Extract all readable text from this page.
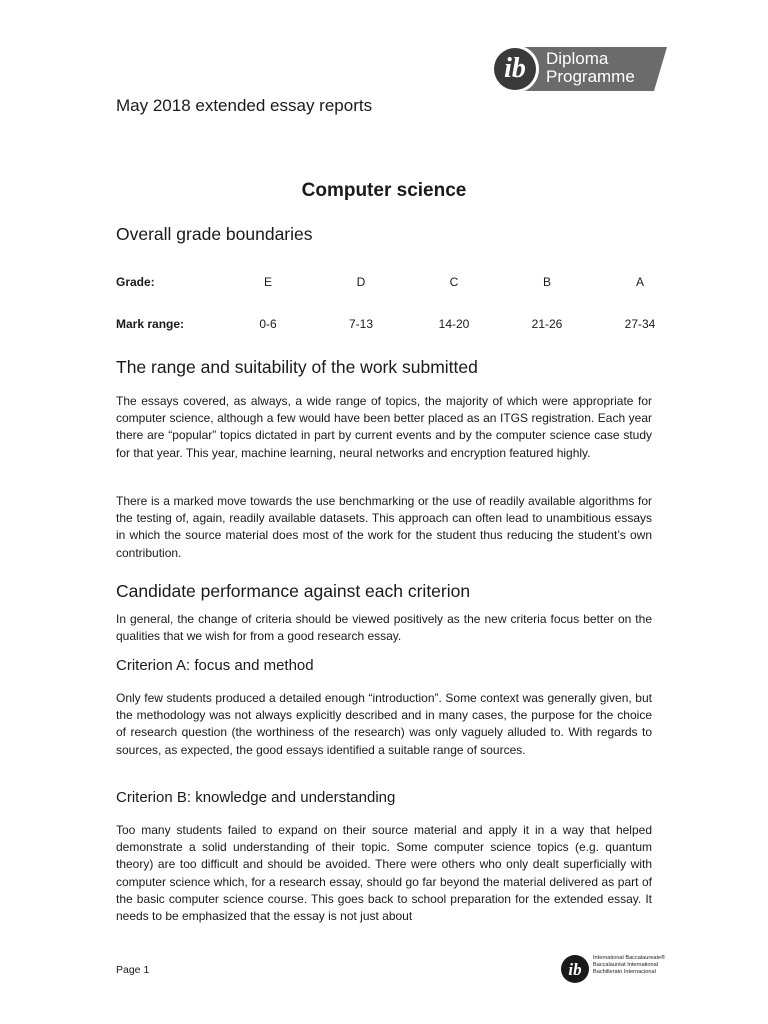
ib Diploma
Programme
May 2018 extended essay reports
Computer science
Overall grade boundaries
Grade:	E	D	C	B	A
Mark range:	0-6	7-13	14-20	21-26	27-34
The range and suitability of the work submitted

The essays covered, as always, a wide range of topics, the majority of which were appropriate for computer science, although a few would have been better placed as an ITGS registration. Each year there are “popular” topics dictated in part by current events and by the computer science case study for that year. This year, machine learning, neural networks and encryption featured highly.

There is a marked move towards the use benchmarking or the use of readily available algorithms for the testing of, again, readily available datasets. This approach can often lead to unambitious essays in which the source material does most of the work for the student thus reducing the student’s own contribution.

Candidate performance against each criterion

In general, the change of criteria should be viewed positively as the new criteria focus better on the qualities that we wish for from a good research essay.

Criterion A: focus and method

Only few students produced a detailed enough “introduction”. Some context was generally given, but the methodology was not always explicitly described and in many cases, the purpose for the choice of research question (the worthiness of the research) was only vaguely alluded to. With regards to sources, as expected, the good essays identified a suitable range of sources.

Criterion B: knowledge and understanding

Too many students failed to expand on their source material and apply it in a way that helped demonstrate a solid understanding of their topic. Some computer science topics (e.g. quantum theory) are too difficult and should be avoided. There were others who only dealt superficially with computer science which, for a research essay, should go far beyond the material delivered as part of the basic computer science course. This goes back to school preparation for the extended essay. It needs to be emphasized that the essay is not just about

Page 1	ib
International Baccalaureate®
Baccalauréat International
Bachillerato Internacional
